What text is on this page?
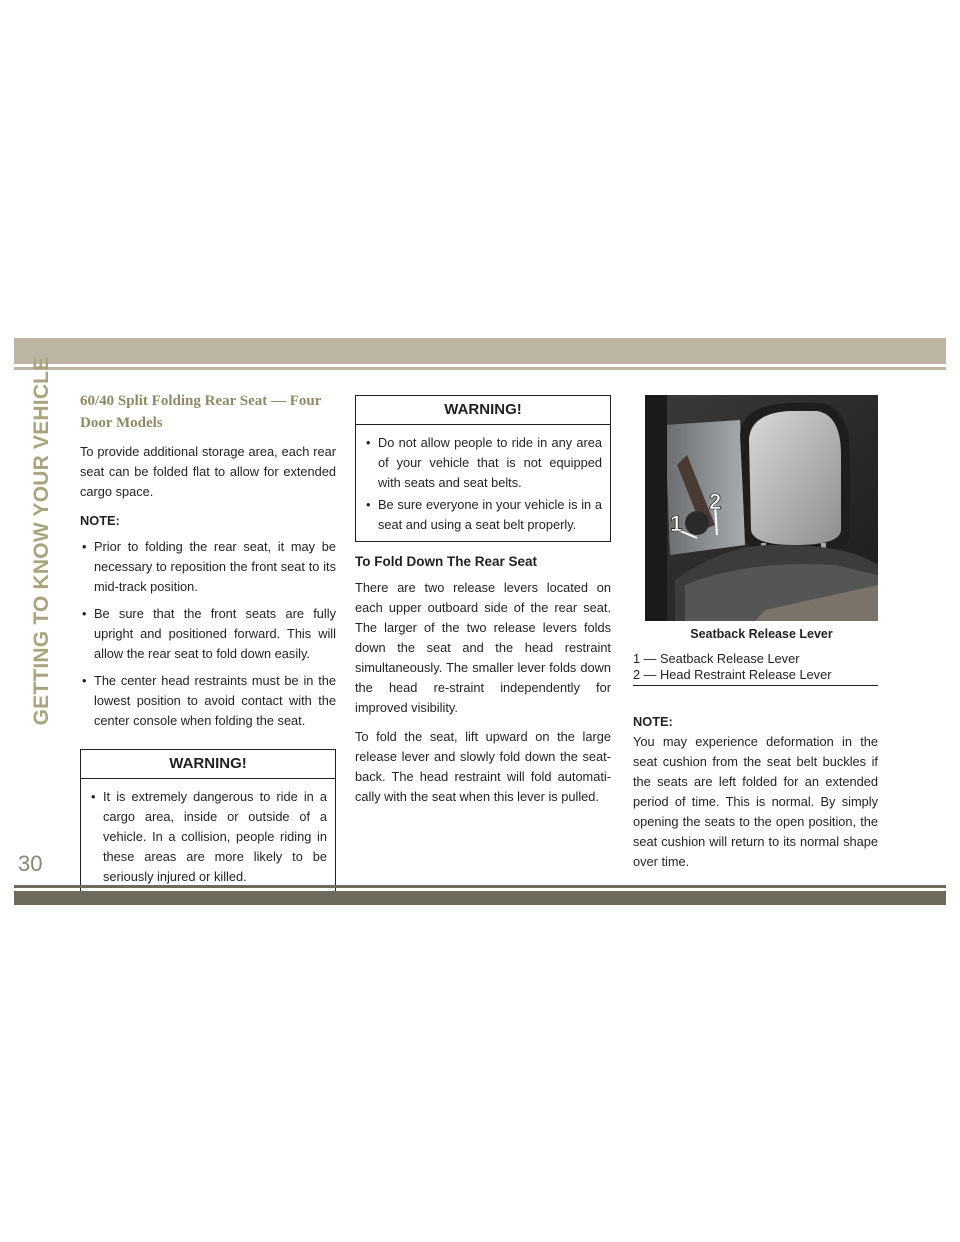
GETTING TO KNOW YOUR VEHICLE 60/40 Split Folding Rear Seat — Four Door Models

To provide additional storage area, each rear seat can be folded flat to allow for extended cargo space.

NOTE:
• Prior to folding the rear seat, it may be necessary to reposition the front seat to its mid-track position.
• Be sure that the front seats are fully upright and positioned forward. This will allow the rear seat to fold down easily.
• The center head restraints must be in the lowest position to avoid contact with the center console when folding the seat.
WARNING!
• It is extremely dangerous to ride in a cargo area, inside or outside of a vehicle. In a collision, people riding in these areas are more likely to be seriously injured or killed.
WARNING!
• Do not allow people to ride in any area of your vehicle that is not equipped with seats and seat belts.
• Be sure everyone in your vehicle is in a seat and using a seat belt properly.
To Fold Down The Rear Seat

There are two release levers located on each upper outboard side of the rear seat. The larger of the two release levers folds down the seat and the head restraint simultaneously. The smaller lever folds down the head re-straint independently for improved visibility.

To fold the seat, lift upward on the large release lever and slowly fold down the seat-back. The head restraint will fold automati-cally with the seat when this lever is pulled.

1
2
Seatback Release Lever
1 — Seatback Release Lever
2 — Head Restraint Release Lever
NOTE:

You may experience deformation in the seat cushion from the seat belt buckles if the seats are left folded for an extended period of time. This is normal. By simply opening the seats to the open position, the seat cushion will return to its normal shape over time.

30
